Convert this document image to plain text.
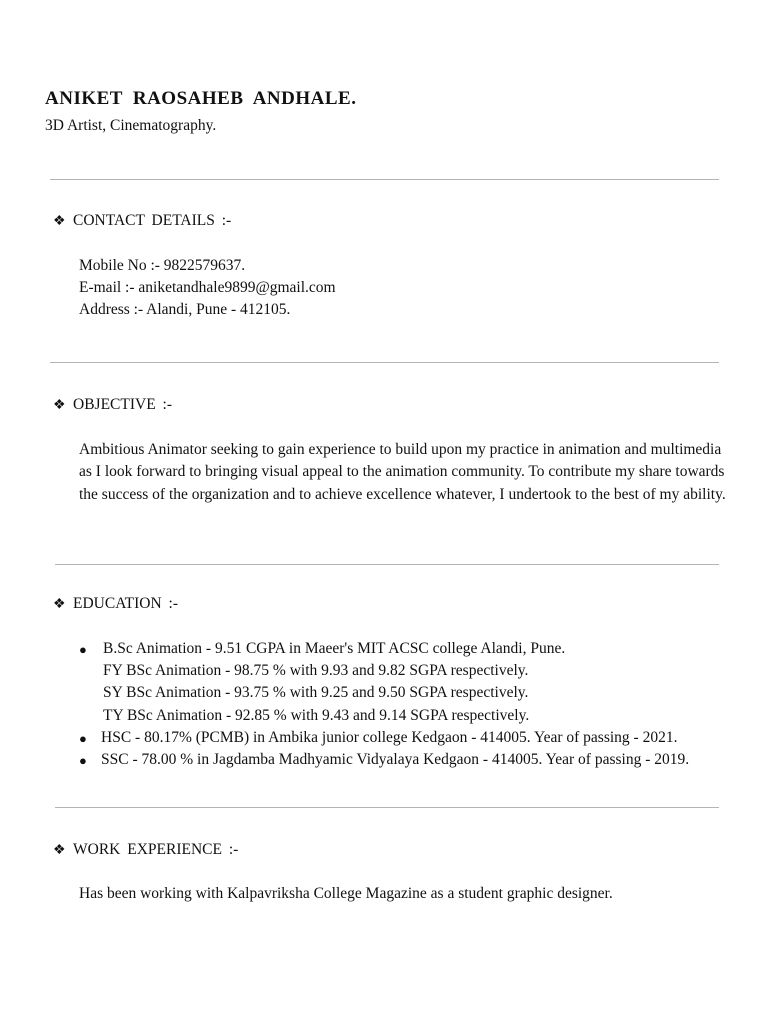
ANIKET RAOSAHEB ANDHALE.
3D Artist, Cinematography.
❖ CONTACT DETAILS :-
Mobile No :- 9822579637.
E-mail :- aniketandhale9899@gmail.com
Address :- Alandi, Pune - 412105.
❖ OBJECTIVE :-
Ambitious Animator seeking to gain experience to build upon my practice in animation and multimedia as I look forward to bringing visual appeal to the animation community. To contribute my share towards the success of the organization and to achieve excellence whatever, I undertook to the best of my ability.
❖ EDUCATION :-
● B.Sc Animation - 9.51 CGPA in Maeer's MIT ACSC college Alandi, Pune.
FY BSc Animation - 98.75 % with 9.93 and 9.82 SGPA respectively.
SY BSc Animation - 93.75 % with 9.25 and 9.50 SGPA respectively.
TY BSc Animation - 92.85 % with 9.43 and 9.14 SGPA respectively.
● HSC - 80.17% (PCMB) in Ambika junior college Kedgaon - 414005. Year of passing - 2021.
● SSC - 78.00 % in Jagdamba Madhyamic Vidyalaya Kedgaon - 414005. Year of passing - 2019.
❖ WORK EXPERIENCE :-
Has been working with Kalpavriksha College Magazine as a student graphic designer.
